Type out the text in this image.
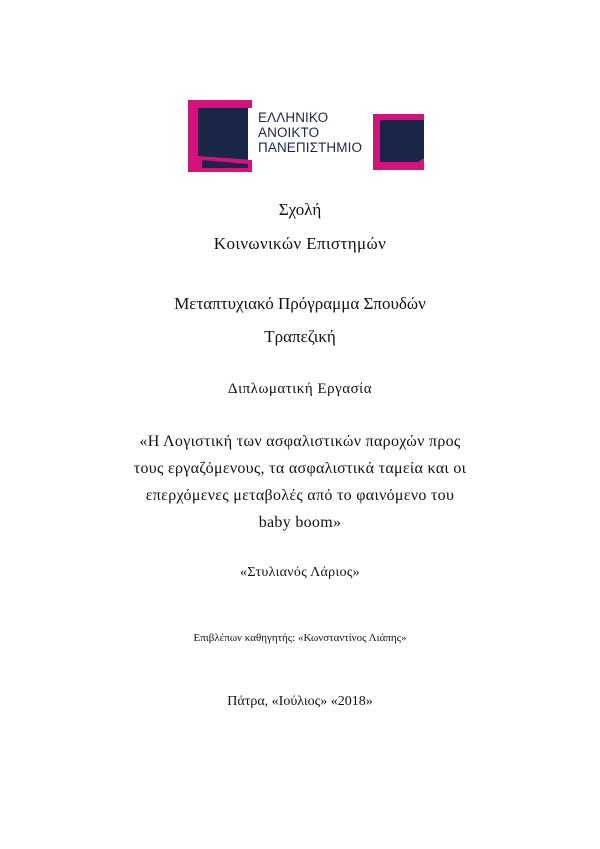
ΕΛΛΗΝΙΚΟ
ΑΝΟΙΚΤΟ
ΠΑΝΕΠΙΣΤΗΜΙΟ
Σχολή
Κοινωνικών Επιστημών
Μεταπτυχιακό Πρόγραμμα Σπουδών
Τραπεζική
Διπλωματική Εργασία
«Η Λογιστική των ασφαλιστικών παροχών προς
τους εργαζόμενους, τα ασφαλιστικά ταμεία και οι
επερχόμενες μεταβολές από το φαινόμενο του
baby boom»
«Στυλιανός Λάριος»
Επιβλέπων καθηγητής: «Κωνσταντίνος Λιάπης»
Πάτρα, «Ιούλιος» «2018»
